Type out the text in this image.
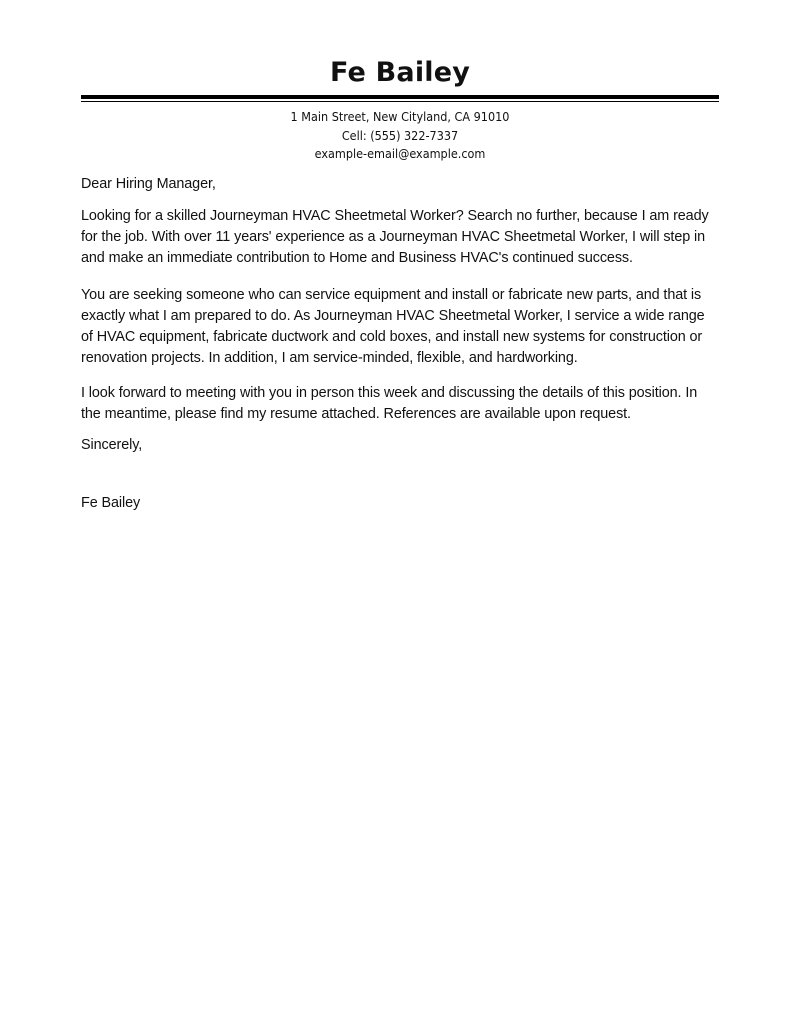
Fe Bailey
1 Main Street, New Cityland, CA 91010
Cell: (555) 322-7337
example-email@example.com
Dear Hiring Manager,
Looking for a skilled Journeyman HVAC Sheetmetal Worker? Search no further, because I am ready
for the job. With over 11 years' experience as a Journeyman HVAC Sheetmetal Worker, I will step in
and make an immediate contribution to Home and Business HVAC's continued success.
You are seeking someone who can service equipment and install or fabricate new parts, and that is
exactly what I am prepared to do. As Journeyman HVAC Sheetmetal Worker, I service a wide range
of HVAC equipment, fabricate ductwork and cold boxes, and install new systems for construction or
renovation projects. In addition, I am service-minded, flexible, and hardworking.
I look forward to meeting with you in person this week and discussing the details of this position. In
the meantime, please find my resume attached. References are available upon request.
Sincerely,
Fe Bailey
